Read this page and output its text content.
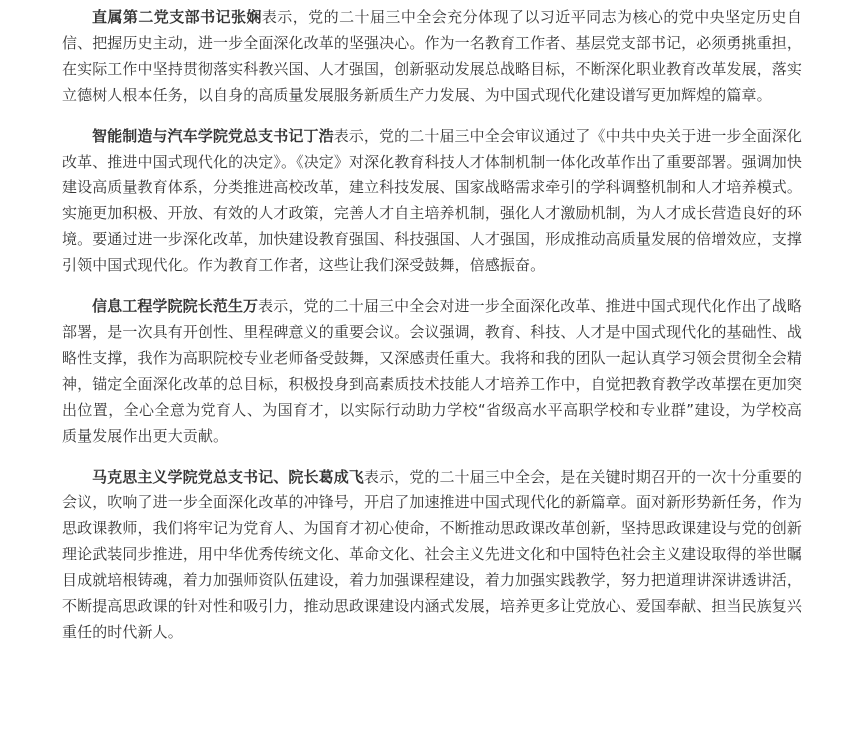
直属第二党支部书记张娴表示，党的二十届三中全会充分体现了以习近平同志为核心的党中央坚定历史自信、把握历史主动，进一步全面深化改革的坚强决心。作为一名教育工作者、基层党支部书记，必须勇挑重担，在实际工作中坚持贯彻落实科教兴国、人才强国，创新驱动发展总战略目标，不断深化职业教育改革发展，落实立德树人根本任务，以自身的高质量发展服务新质生产力发展、为中国式现代化建设谱写更加辉煌的篇章。

智能制造与汽车学院党总支书记丁浩表示，党的二十届三中全会审议通过了《中共中央关于进一步全面深化改革、推进中国式现代化的决定》。《决定》对深化教育科技人才体制机制一体化改革作出了重要部署。强调加快建设高质量教育体系，分类推进高校改革，建立科技发展、国家战略需求牵引的学科调整机制和人才培养模式。实施更加积极、开放、有效的人才政策，完善人才自主培养机制，强化人才激励机制，为人才成长营造良好的环境。要通过进一步深化改革，加快建设教育强国、科技强国、人才强国，形成推动高质量发展的倍增效应，支撑引领中国式现代化。作为教育工作者，这些让我们深受鼓舞，倍感振奋。

信息工程学院院长范生万表示，党的二十届三中全会对进一步全面深化改革、推进中国式现代化作出了战略部署，是一次具有开创性、里程碑意义的重要会议。会议强调，教育、科技、人才是中国式现代化的基础性、战略性支撑，我作为高职院校专业老师备受鼓舞，又深感责任重大。我将和我的团队一起认真学习领会贯彻全会精神，锚定全面深化改革的总目标，积极投身到高素质技术技能人才培养工作中，自觉把教育教学改革摆在更加突出位置，全心全意为党育人、为国育才，以实际行动助力学校“省级高水平高职学校和专业群”建设，为学校高质量发展作出更大贡献。

马克思主义学院党总支书记、院长葛成飞表示，党的二十届三中全会，是在关键时期召开的一次十分重要的会议，吹响了进一步全面深化改革的冲锋号，开启了加速推进中国式现代化的新篇章。面对新形势新任务，作为思政课教师，我们将牢记为党育人、为国育才初心使命，不断推动思政课改革创新，坚持思政课建设与党的创新理论武装同步推进，用中华优秀传统文化、革命文化、社会主义先进文化和中国特色社会主义建设取得的举世瞩目成就培根铸魂，着力加强师资队伍建设，着力加强课程建设，着力加强实践教学，努力把道理讲深讲透讲活，不断提高思政课的针对性和吸引力，推动思政课建设内涵式发展，培养更多让党放心、爱国奉献、担当民族复兴重任的时代新人。
